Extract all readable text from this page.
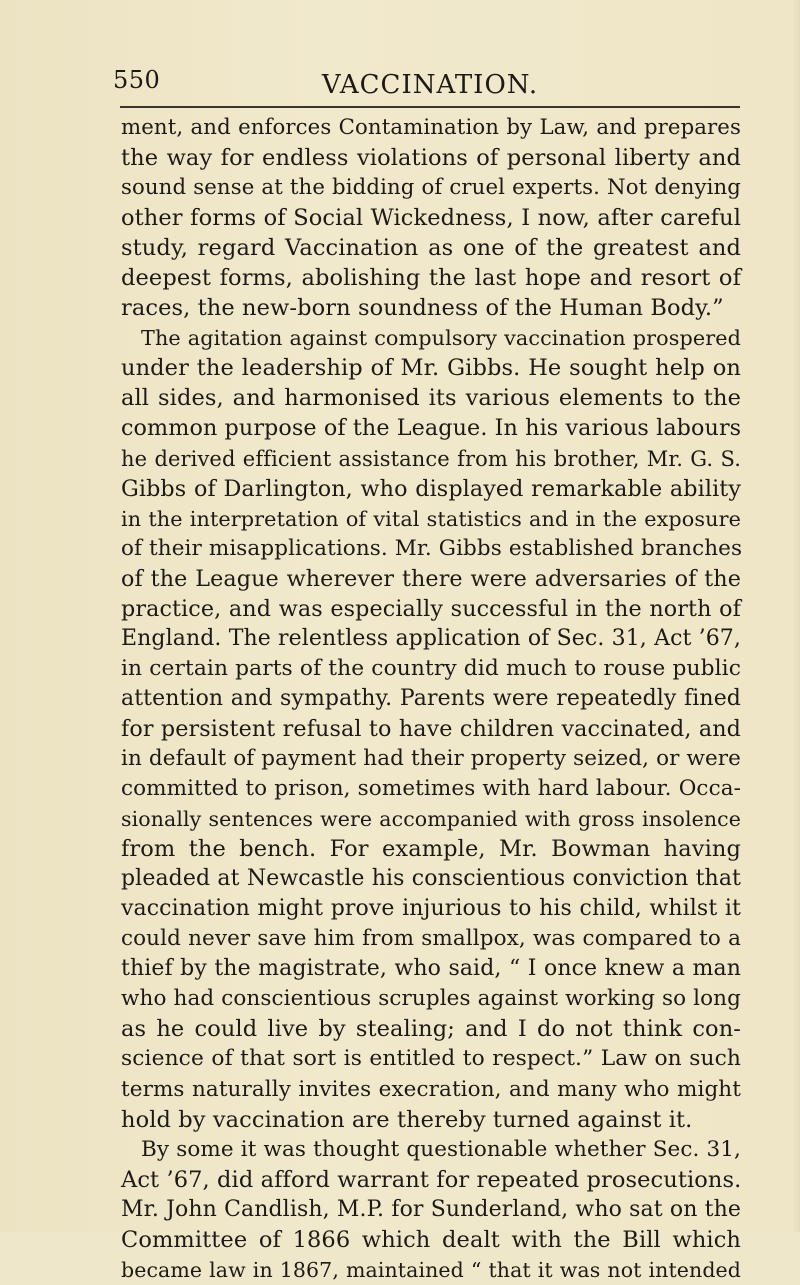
550	VACCINATION.
ment, and enforces Contamination by Law, and prepares
the way for endless violations of personal liberty and
sound sense at the bidding of cruel experts. Not denying
other forms of Social Wickedness, I now, after careful
study, regard Vaccination as one of the greatest and
deepest forms, abolishing the last hope and resort of
races, the new-born soundness of the Human Body.”
The agitation against compulsory vaccination prospered
under the leadership of Mr. Gibbs. He sought help on
all sides, and harmonised its various elements to the
common purpose of the League. In his various labours
he derived efficient assistance from his brother, Mr. G. S.
Gibbs of Darlington, who displayed remarkable ability
in the interpretation of vital statistics and in the exposure
of their misapplications. Mr. Gibbs established branches
of the League wherever there were adversaries of the
practice, and was especially successful in the north of
England. The relentless application of Sec. 31, Act ’67,
in certain parts of the country did much to rouse public
attention and sympathy. Parents were repeatedly fined
for persistent refusal to have children vaccinated, and
in default of payment had their property seized, or were
committed to prison, sometimes with hard labour. Occa-
sionally sentences were accompanied with gross insolence
from the bench. For example, Mr. Bowman having
pleaded at Newcastle his conscientious conviction that
vaccination might prove injurious to his child, whilst it
could never save him from smallpox, was compared to a
thief by the magistrate, who said, “ I once knew a man
who had conscientious scruples against working so long
as he could live by stealing; and I do not think con-
science of that sort is entitled to respect.” Law on such
terms naturally invites execration, and many who might
hold by vaccination are thereby turned against it.
By some it was thought questionable whether Sec. 31,
Act ’67, did afford warrant for repeated prosecutions.
Mr. John Candlish, M.P. for Sunderland, who sat on the
Committee of 1866 which dealt with the Bill which
became law in 1867, maintained “ that it was not intended
